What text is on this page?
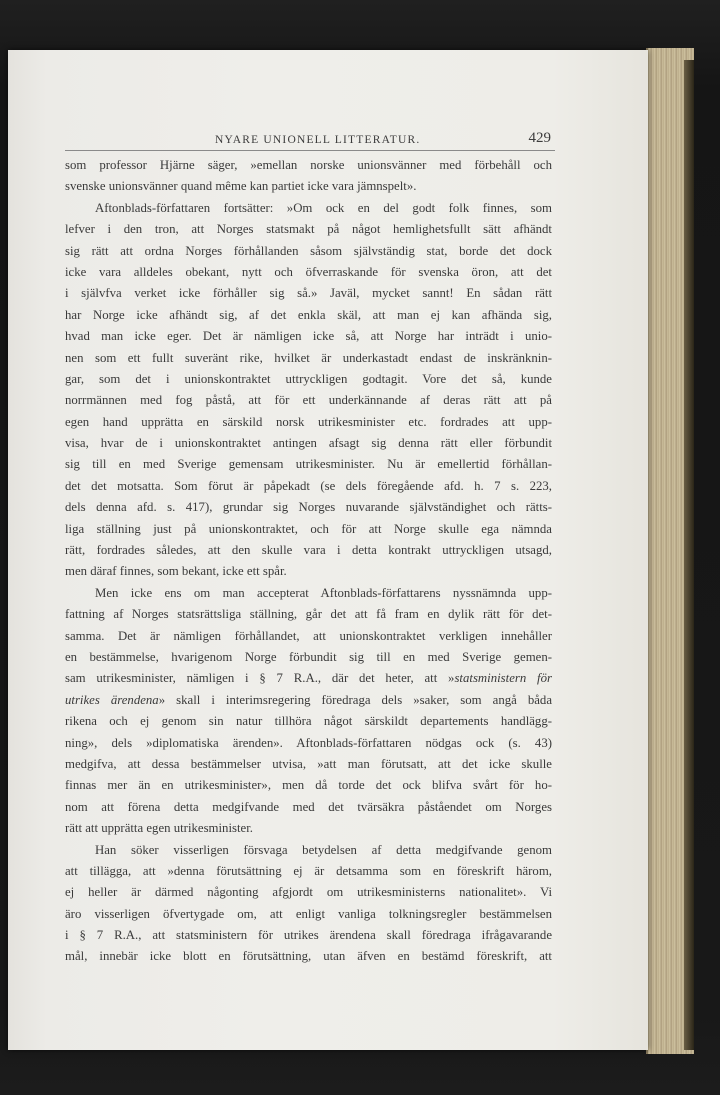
NYARE UNIONELL LITTERATUR.	429
som professor Hjärne säger, »emellan norske unionsvänner med förbehåll och
svenske unionsvänner quand même kan partiet icke vara jämnspelt».
Aftonblads-författaren fortsätter: »Om ock en del godt folk finnes, som
lefver i den tron, att Norges statsmakt på något hemlighetsfullt sätt afhändt
sig rätt att ordna Norges förhållanden såsom självständig stat, borde det dock
icke vara alldeles obekant, nytt och öfverraskande för svenska öron, att det
i självfva verket icke förhåller sig så.» Javäl, mycket sannt! En sådan rätt
har Norge icke afhändt sig, af det enkla skäl, att man ej kan afhända sig,
hvad man icke eger. Det är nämligen icke så, att Norge har inträdt i unio-
nen som ett fullt suveränt rike, hvilket är underkastadt endast de inskränknin-
gar, som det i unionskontraktet uttryckligen godtagit. Vore det så, kunde
norrmännen med fog påstå, att för ett underkännande af deras rätt att på
egen hand upprätta en särskild norsk utrikesminister etc. fordrades att upp-
visa, hvar de i unionskontraktet antingen afsagt sig denna rätt eller förbundit
sig till en med Sverige gemensam utrikesminister. Nu är emellertid förhållan-
det det motsatta. Som förut är påpekadt (se dels föregående afd. h. 7 s. 223,
dels denna afd. s. 417), grundar sig Norges nuvarande självständighet och rätts-
liga ställning just på unionskontraktet, och för att Norge skulle ega nämnda
rätt, fordrades således, att den skulle vara i detta kontrakt uttryckligen utsagd,
men däraf finnes, som bekant, icke ett spår.
Men icke ens om man accepterat Aftonblads-författarens nyssnämnda upp-
fattning af Norges statsrättsliga ställning, går det att få fram en dylik rätt för det-
samma. Det är nämligen förhållandet, att unionskontraktet verkligen innehåller
en bestämmelse, hvarigenom Norge förbundit sig till en med Sverige gemen-
sam utrikesminister, nämligen i § 7 R.A., där det heter, att »statsministern för
utrikes ärendena» skall i interimsregering föredraga dels »saker, som angå båda
rikena och ej genom sin natur tillhöra något särskildt departements handlägg-
ning», dels »diplomatiska ärenden». Aftonblads-författaren nödgas ock (s. 43)
medgifva, att dessa bestämmelser utvisa, »att man förutsatt, att det icke skulle
finnas mer än en utrikesminister», men då torde det ock blifva svårt för ho-
nom att förena detta medgifvande med det tvärsäkra påståendet om Norges
rätt att upprätta egen utrikesminister.
Han söker visserligen försvaga betydelsen af detta medgifvande genom
att tillägga, att »denna förutsättning ej är detsamma som en föreskrift härom,
ej heller är därmed någonting afgjordt om utrikesministerns nationalitet». Vi
äro visserligen öfvertygade om, att enligt vanliga tolkningsregler bestämmelsen
i § 7 R.A., att statsministern för utrikes ärendena skall föredraga ifrågavarande
mål, innebär icke blott en förutsättning, utan äfven en bestämd föreskrift, att
